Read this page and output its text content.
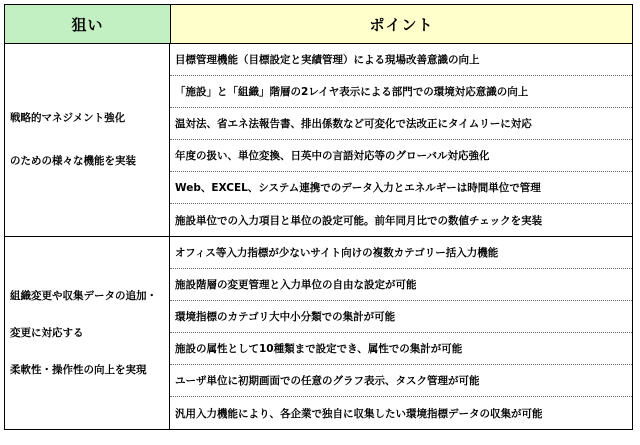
狙い	ポイント
戦略的マネジメント強化
のための様々な機能を実装
目標管理機能（目標設定と実績管理）による現場改善意識の向上
「施設」と「組織」階層の2レイヤ表示による部門での環境対応意識の向上
温対法、省エネ法報告書、排出係数など可変化で法改正にタイムリーに対応
年度の扱い、単位変換、日英中の言語対応等のグローバル対応強化
Web、EXCEL、システム連携でのデータ入力とエネルギーは時間単位で管理
施設単位での入力項目と単位の設定可能。前年同月比での数値チェックを実装
組織変更や収集データの追加・
変更に対応する
柔軟性・操作性の向上を実現
オフィス等入力指標が少ないサイト向けの複数カテゴリー括入力機能
施設階層の変更管理と入力単位の自由な設定が可能
環境指標のカテゴリ大中小分類での集計が可能
施設の属性として10種類まで設定でき、属性での集計が可能
ユーザ単位に初期画面での任意のグラフ表示、タスク管理が可能
汎用入力機能により、各企業で独自に収集したい環境指標データの収集が可能
